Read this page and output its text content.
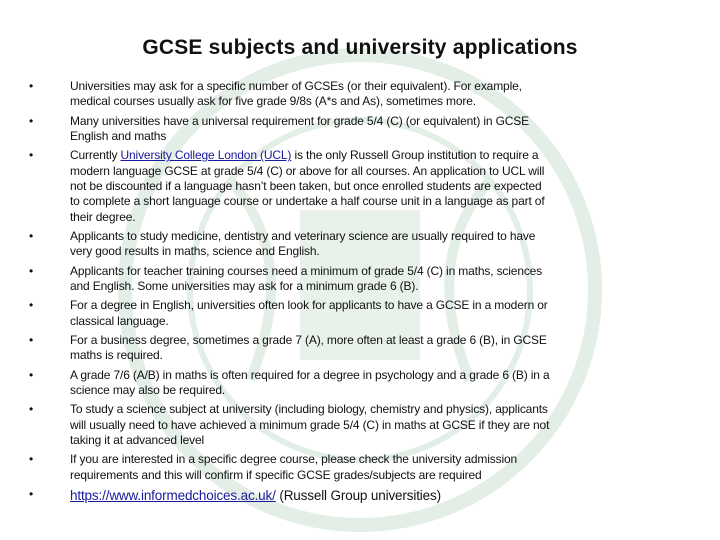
GCSE subjects and university applications
•	Universities may ask for a specific number of GCSEs (or their equivalent). For example,
medical courses usually ask for five grade 9/8s (A*s and As), sometimes more.
•	Many universities have a universal requirement for grade 5/4 (C) (or equivalent) in GCSE
English and maths
•	Currently University College London (UCL) is the only Russell Group institution to require a
modern language GCSE at grade 5/4 (C) or above for all courses. An application to UCL will
not be discounted if a language hasn’t been taken, but once enrolled students are expected
to complete a short language course or undertake a half course unit in a language as part of
their degree.
•	Applicants to study medicine, dentistry and veterinary science are usually required to have
very good results in maths, science and English.
•	Applicants for teacher training courses need a minimum of grade 5/4 (C) in maths, sciences
and English. Some universities may ask for a minimum grade 6 (B).
•	For a degree in English, universities often look for applicants to have a GCSE in a modern or
classical language.
•	For a business degree, sometimes a grade 7 (A), more often at least a grade 6 (B), in GCSE
maths is required.
•	A grade 7/6 (A/B) in maths is often required for a degree in psychology and a grade 6 (B) in a
science may also be required.
•	To study a science subject at university (including biology, chemistry and physics), applicants
will usually need to have achieved a minimum grade 5/4 (C) in maths at GCSE if they are not
taking it at advanced level
•	If you are interested in a specific degree course, please check the university admission
requirements and this will confirm if specific GCSE grades/subjects are required
•	https://www.informedchoices.ac.uk/ (Russell Group universities)
